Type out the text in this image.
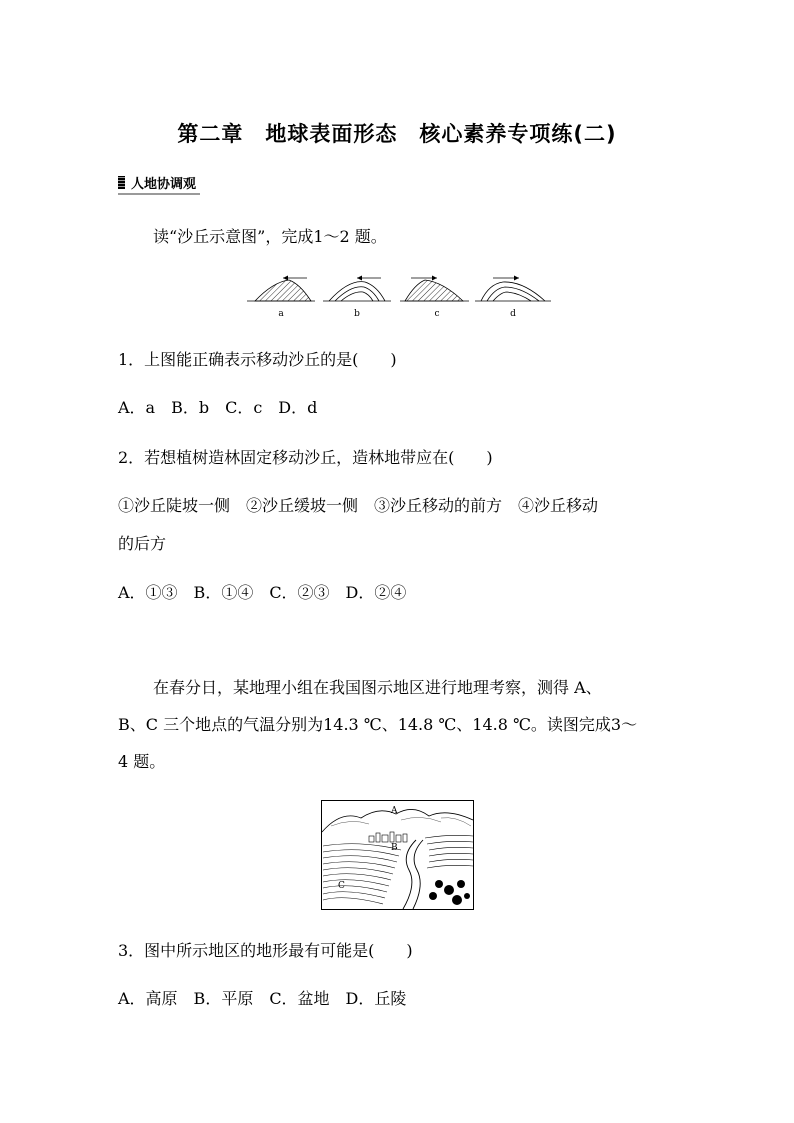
第二章　地球表面形态　核心素养专项练(二)
人地协调观
读“沙丘示意图”，完成1～2 题。
a	b	c	d
1．上图能正确表示移动沙丘的是(　　)
A．a　B．b　C．c　D．d
2．若想植树造林固定移动沙丘，造林地带应在(　　)
①沙丘陡坡一侧　②沙丘缓坡一侧　③沙丘移动的前方　④沙丘移动
的后方
A．①③　B．①④　C．②③　D．②④
在春分日，某地理小组在我国图示地区进行地理考察，测得 A、
B、C 三个地点的气温分别为14.3 ℃、14.8 ℃、14.8 ℃。读图完成3～
4 题。
A
B
C
3．图中所示地区的地形最有可能是(　　)
A．高原　B．平原　C．盆地　D．丘陵
